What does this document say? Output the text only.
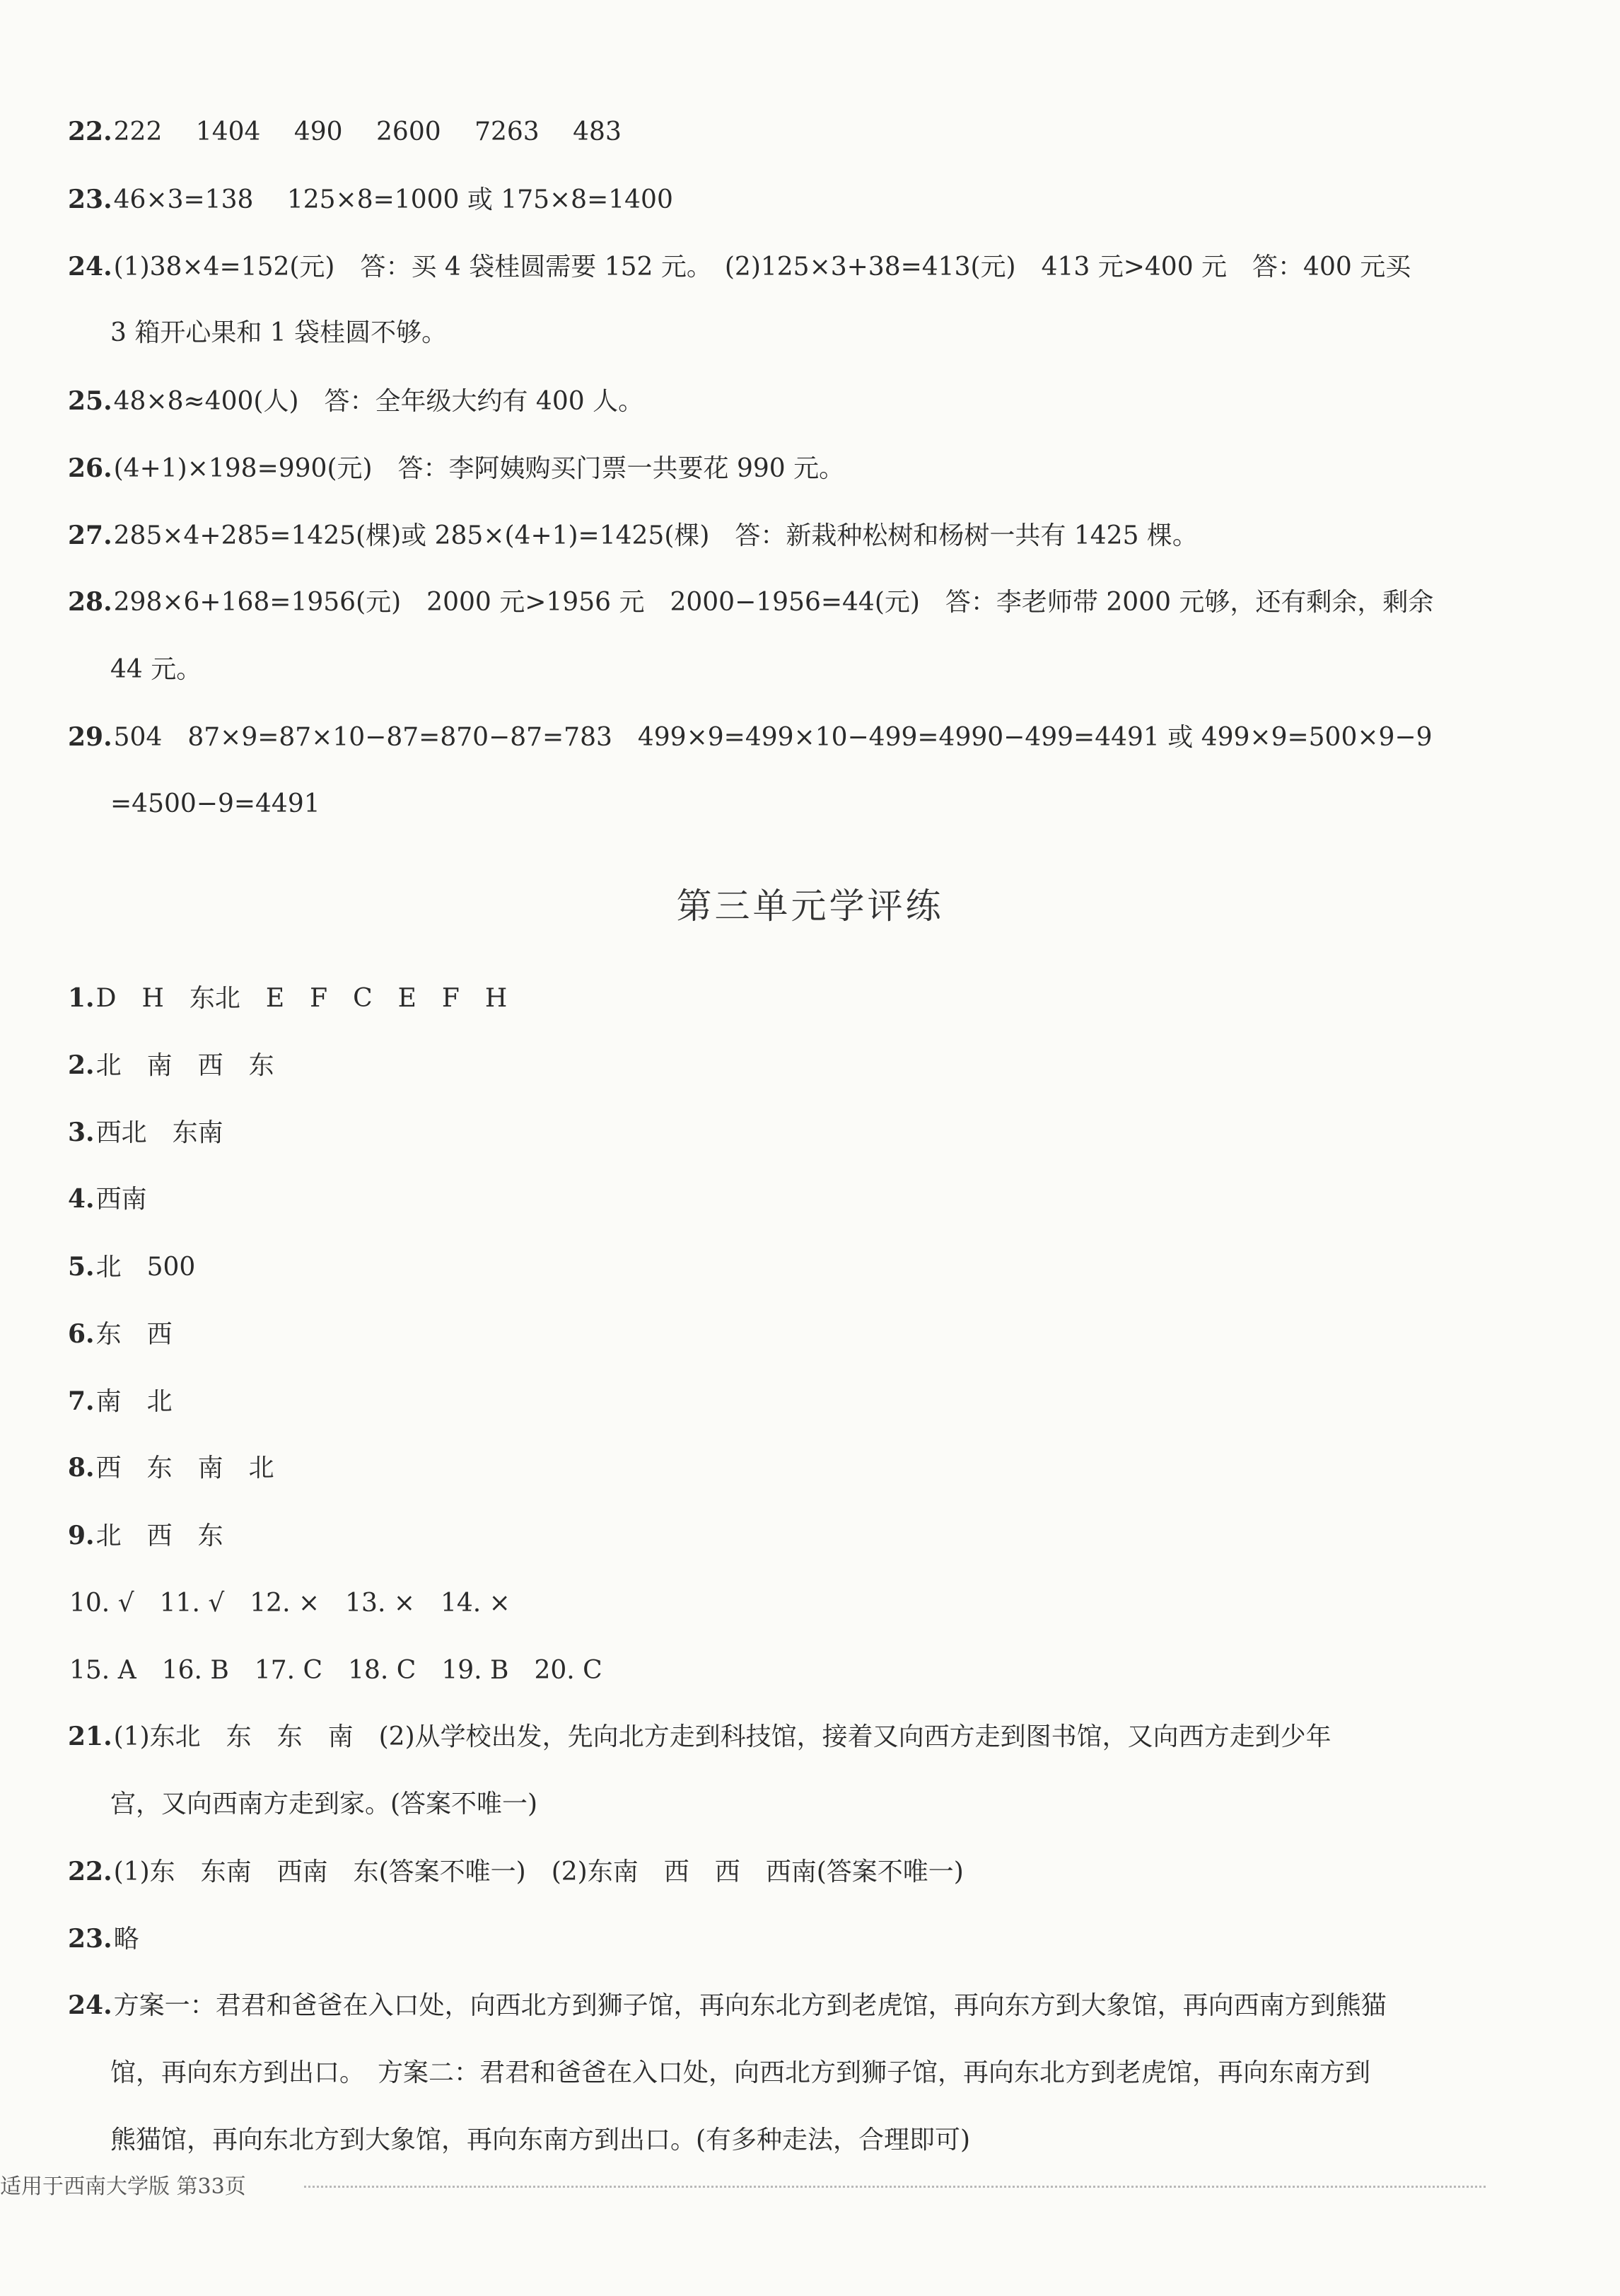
22.222　 1404　 490　 2600　 7263　 483
23.46×3=138　 125×8=1000 或 175×8=1400
24.(1)38×4=152(元)　答：买 4 袋桂圆需要 152 元。　(2)125×3+38=413(元)　413 元>400 元　答：400 元买
3 箱开心果和 1 袋桂圆不够。
25.48×8≈400(人)　答：全年级大约有 400 人。
26.(4+1)×198=990(元)　答：李阿姨购买门票一共要花 990 元。
27.285×4+285=1425(棵)或 285×(4+1)=1425(棵)　答：新栽种松树和杨树一共有 1425 棵。
28.298×6+168=1956(元)　2000 元>1956 元　2000−1956=44(元)　答：李老师带 2000 元够，还有剩余，剩余
44 元。
29.504　87×9=87×10−87=870−87=783　499×9=499×10−499=4990−499=4491 或 499×9=500×9−9
=4500−9=4491
第三单元学评练
1.D　H　东北　E　F　C　E　F　H
2.北　南　西　东
3.西北　东南
4.西南
5.北　500
6.东　西
7.南　北
8.西　东　南　北
9.北　西　东
10. √　11. √　12. ×　13. ×　14. ×
15. A　16. B　17. C　18. C　19. B　20. C
21.(1)东北　东　东　南　(2)从学校出发，先向北方走到科技馆，接着又向西方走到图书馆，又向西方走到少年
宫，又向西南方走到家。(答案不唯一)
22.(1)东　东南　西南　东(答案不唯一)　(2)东南　西　西　西南(答案不唯一)
23.略
24.方案一：君君和爸爸在入口处，向西北方到狮子馆，再向东北方到老虎馆，再向东方到大象馆，再向西南方到熊猫
馆，再向东方到出口。　方案二：君君和爸爸在入口处，向西北方到狮子馆，再向东北方到老虎馆，再向东南方到
熊猫馆，再向东北方到大象馆，再向东南方到出口。(有多种走法，合理即可)
适用于西南大学版 第33页
